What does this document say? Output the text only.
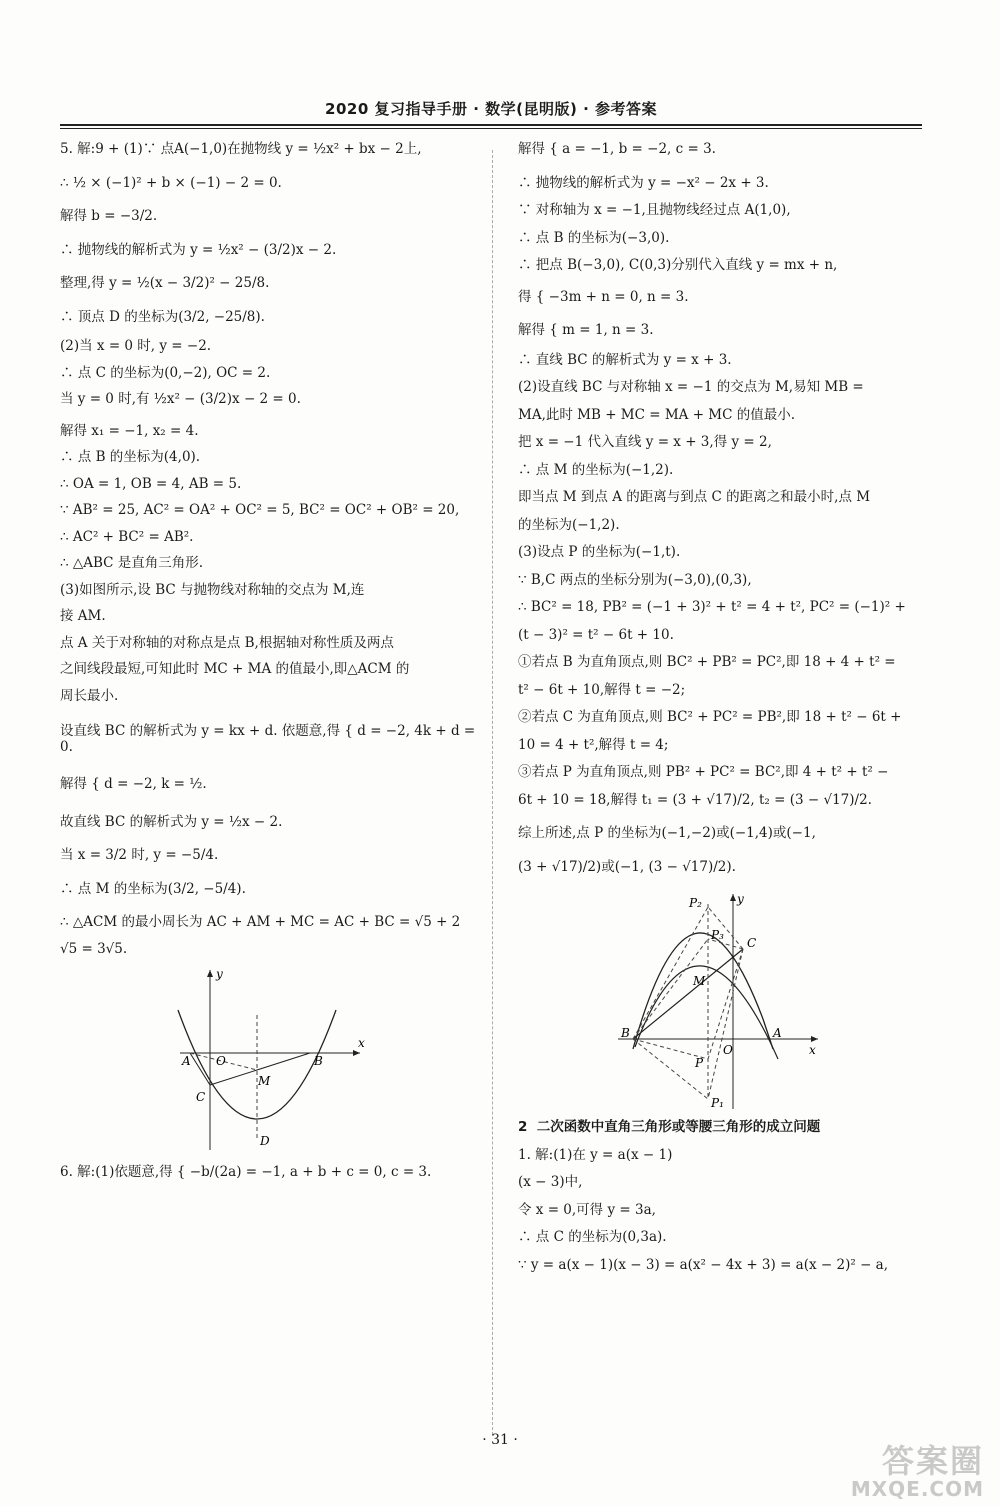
2020 复习指导手册 · 数学(昆明版) · 参考答案

5. 解:9 + (1)∵ 点A(−1,0)在抛物线 y = ½x² + bx − 2上,

∴ ½ × (−1)² + b × (−1) − 2 = 0.

解得 b = −3/2.

∴ 抛物线的解析式为 y = ½x² − (3/2)x − 2.

整理,得 y = ½(x − 3/2)² − 25/8.

∴ 顶点 D 的坐标为(3/2, −25/8).

(2)当 x = 0 时, y = −2.

∴ 点 C 的坐标为(0,−2), OC = 2.

当 y = 0 时,有 ½x² − (3/2)x − 2 = 0.

解得 x₁ = −1, x₂ = 4.

∴ 点 B 的坐标为(4,0).

∴ OA = 1, OB = 4, AB = 5.

∵ AB² = 25, AC² = OA² + OC² = 5, BC² = OC² + OB² = 20,

∴ AC² + BC² = AB².

∴ △ABC 是直角三角形.

(3)如图所示,设 BC 与抛物线对称轴的交点为 M,连

接 AM.

点 A 关于对称轴的对称点是点 B,根据轴对称性质及两点

之间线段最短,可知此时 MC + MA 的值最小,即△ACM 的

周长最小.

设直线 BC 的解析式为 y = kx + d. 依题意,得 { d = −2, 4k + d = 0.

解得 { d = −2, k = ½.

故直线 BC 的解析式为 y = ½x − 2.

当 x = 3/2 时, y = −5/4.

∴ 点 M 的坐标为(3/2, −5/4).

∴ △ACM 的最小周长为 AC + AM + MC = AC + BC = √5 + 2

√5 = 3√5.

y
x
A O	B
M
C
D

6. 解:(1)依题意,得 { −b/(2a) = −1, a + b + c = 0, c = 3.

解得 { a = −1, b = −2, c = 3.

∴ 抛物线的解析式为 y = −x² − 2x + 3.

∵ 对称轴为 x = −1,且抛物线经过点 A(1,0),

∴ 点 B 的坐标为(−3,0).

∴ 把点 B(−3,0), C(0,3)分别代入直线 y = mx + n,

得 { −3m + n = 0, n = 3.

解得 { m = 1, n = 3.

∴ 直线 BC 的解析式为 y = x + 3.

(2)设直线 BC 与对称轴 x = −1 的交点为 M,易知 MB =

MA,此时 MB + MC = MA + MC 的值最小.

把 x = −1 代入直线 y = x + 3,得 y = 2,

∴ 点 M 的坐标为(−1,2).

即当点 M 到点 A 的距离与到点 C 的距离之和最小时,点 M

的坐标为(−1,2).

(3)设点 P 的坐标为(−1,t).

∵ B,C 两点的坐标分别为(−3,0),(0,3),

∴ BC² = 18, PB² = (−1 + 3)² + t² = 4 + t², PC² = (−1)² +

(t − 3)² = t² − 6t + 10.

①若点 B 为直角顶点,则 BC² + PB² = PC²,即 18 + 4 + t² =

t² − 6t + 10,解得 t = −2;

②若点 C 为直角顶点,则 BC² + PC² = PB²,即 18 + t² − 6t +

10 = 4 + t²,解得 t = 4;

③若点 P 为直角顶点,则 PB² + PC² = BC²,即 4 + t² + t² −

6t + 10 = 18,解得 t₁ = (3 + √17)/2, t₂ = (3 − √17)/2.

综上所述,点 P 的坐标为(−1,−2)或(−1,4)或(−1,

(3 + √17)/2)或(−1, (3 − √17)/2).

y
x
B
O
A
C
M
P₂
P₃
P
P₁

2  二次函数中直角三角形或等腰三角形的成立问题

1. 解:(1)在 y = a(x − 1)

(x − 3)中,

令 x = 0,可得 y = 3a,

∴ 点 C 的坐标为(0,3a).

∵ y = a(x − 1)(x − 3) = a(x² − 4x + 3) = a(x − 2)² − a,

· 31 ·
答案圈
MXQE.COM
